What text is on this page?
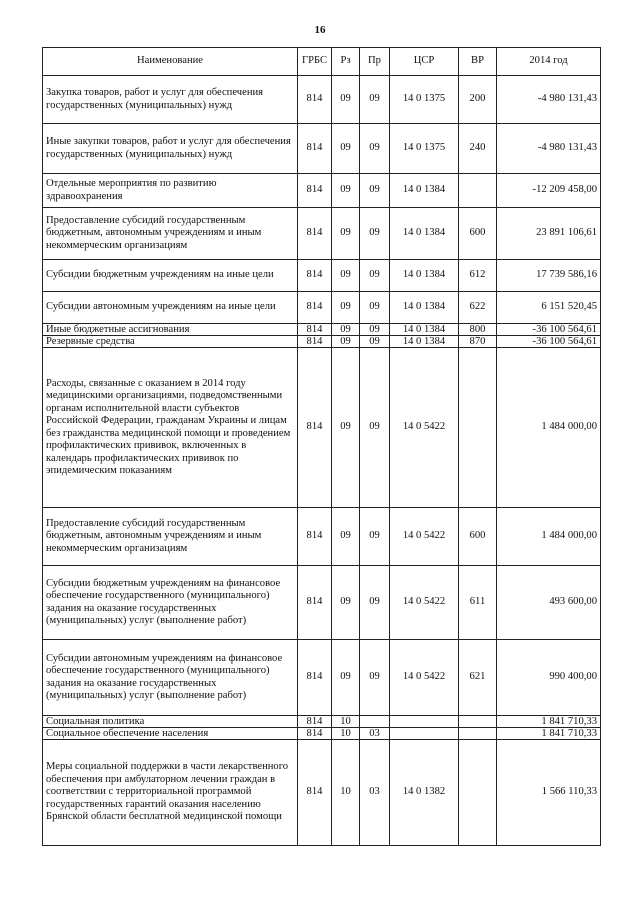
16
Наименование	ГРБС	Рз	Пр	ЦСР	ВР	2014 год
Закупка товаров, работ и услуг для обеспечения государственных (муниципальных) нужд	814	09	09	14 0 1375	200	-4 980 131,43
Иные закупки товаров, работ и услуг для обеспечения государственных (муниципальных) нужд	814	09	09	14 0 1375	240	-4 980 131,43
Отдельные мероприятия по развитию здравоохранения	814	09	09	14 0 1384		-12 209 458,00
Предоставление субсидий государственным бюджетным, автономным учреждениям и иным некоммерческим организациям	814	09	09	14 0 1384	600	23 891 106,61
Субсидии бюджетным учреждениям на иные цели	814	09	09	14 0 1384	612	17 739 586,16
Субсидии автономным учреждениям на иные цели	814	09	09	14 0 1384	622	6 151 520,45
Иные бюджетные ассигнования	814	09	09	14 0 1384	800	-36 100 564,61
Резервные средства	814	09	09	14 0 1384	870	-36 100 564,61
Расходы, связанные с оказанием в 2014 году медицинскими организациями, подведомственными органам исполнительной власти субъектов Российской Федерации, гражданам Украины и лицам без гражданства медицинской помощи и проведением профилактических прививок, включенных в календарь профилактических прививок по эпидемическим показаниям	814	09	09	14 0 5422		1 484 000,00
Предоставление субсидий государственным бюджетным, автономным учреждениям и иным некоммерческим организациям	814	09	09	14 0 5422	600	1 484 000,00
Субсидии бюджетным учреждениям на финансовое обеспечение государственного (муниципального) задания на оказание государственных (муниципальных) услуг (выполнение работ)	814	09	09	14 0 5422	611	493 600,00
Субсидии автономным учреждениям на финансовое обеспечение государственного (муниципального) задания на оказание государственных (муниципальных) услуг (выполнение работ)	814	09	09	14 0 5422	621	990 400,00
Социальная политика	814	10				1 841 710,33
Социальное обеспечение населения	814	10	03			1 841 710,33
Меры социальной поддержки в части лекарственного обеспечения при амбулаторном лечении граждан в соответствии с территориальной программой государственных гарантий оказания населению Брянской области бесплатной медицинской помощи	814	10	03	14 0 1382		1 566 110,33
